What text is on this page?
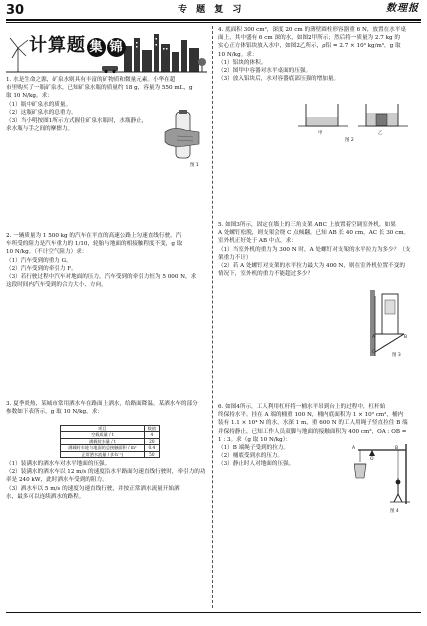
30	专 题 复 习	数理报
计算题 集 锦
1. 水是生命之源，矿泉水则具有丰富的矿物质和微量元素。小华在超
市里购买了一瓶矿泉水，已知矿泉水瓶的质量约 18 g，容量为 550 mL，g
取 10 N/kg。求：
（1）瓶中矿泉水的质量。
（2）这瓶矿泉水的总重力。
（3）当小明按图1所示方式握住矿泉水瓶时，水瓶静止，
求水瓶与手之间的摩擦力。
图 1
2. 一辆质量为 1 500 kg 的汽车在平直的高速公路上匀速直线行驶，汽
车所受的阻力是汽车重力的 1/10，轮胎与地面的相接触程度不变，g 取
10 N/kg。（不计空气阻力）求：
（1）汽车受到的重力 G。
（2）汽车受到的牵引力 F。
（3）若行驶过程中汽车对地面的压力，汽车受到的牵引力恒为 5 000 N，求
这段时间内汽车受到的合力大小、方向。
3. 夏季炎热，某城市常用洒水车在路面上洒水，给路面降温。某洒水车的部分
参数如下表所示，g 取 10 N/kg，求：
项目	数值
空载质量 / t	4
满载装水量 / t	20
满载时车轮与地面的总接触面积 / m²	0.4
正常洒水流量 / (t·h⁻¹)	50
（1）装满水的洒水车对水平地面的压强。
（2）装满水的洒水车以 12 m/s 的速度沿水平路面匀速直线行驶时，牵引力的功
率是 240 kW，此时洒水车受到的阻力。
（3）洒水车以 5 m/s 的速度匀速直线行驶，并按正常洒水流量开始洒
水，最多可以连续洒水的路程。
4. 底面积 300 cm²，深度 20 cm 的薄壁圆柱形容器重 6 N，放置在水平桌
面上，其中盛有 6 cm 深的水，如图2甲所示；然后将一质量为 2.7 kg 的
实心正方体铝块放入水中，如图2乙所示，ρ铝 = 2.7 × 10³ kg/m³，g 取
10 N/kg。求：
（1）铝块的体积。
（2）图甲中容器对水平桌面的压强。
（3）放入铝块后，水对容器底部压强的增加量。
甲	乙
图 2
5. 如图3所示，固定在墙上的三角支架 ABC 上放置着空调室外机，如果
A 处螺钉松脱，则支架会绕 C 点倾翻。已知 AB 长 40 cm，AC 长 30 cm。
室外机正好处于 AB 中点，求：
（1）当室外机的重力为 300 N 时，A 处螺钉对支架的水平拉力为多少？（支
架重力不计）
（2）若 A 处螺钉对支架的水平拉力最大为 400 N，则在室外机位置不变的
情况下，室外机的重力不能超过多少？
A	B
C
图 3
6. 如图4所示，工人利用杠杆将一桶水平吊到台上的过程中，杠杆始
终保持水平。挂在 A 端的桶重 100 N，桶内底面积为 1 × 10³ cm²，桶内
装有 1.1 × 10⁴ N 的水，水深 1 m，重 600 N 的工人用绳子竖直拉住 B 端
并保持静止，已知工作人员双脚与地面的接触面积为 400 cm²，OA : OB =
1 : 3。求（g 取 10 N/kg）：
（1）B 端绳子受到的拉力。
（2）桶底受到水的压力。
（3）静止时人对地面的压强。
A
O
B
图 4
